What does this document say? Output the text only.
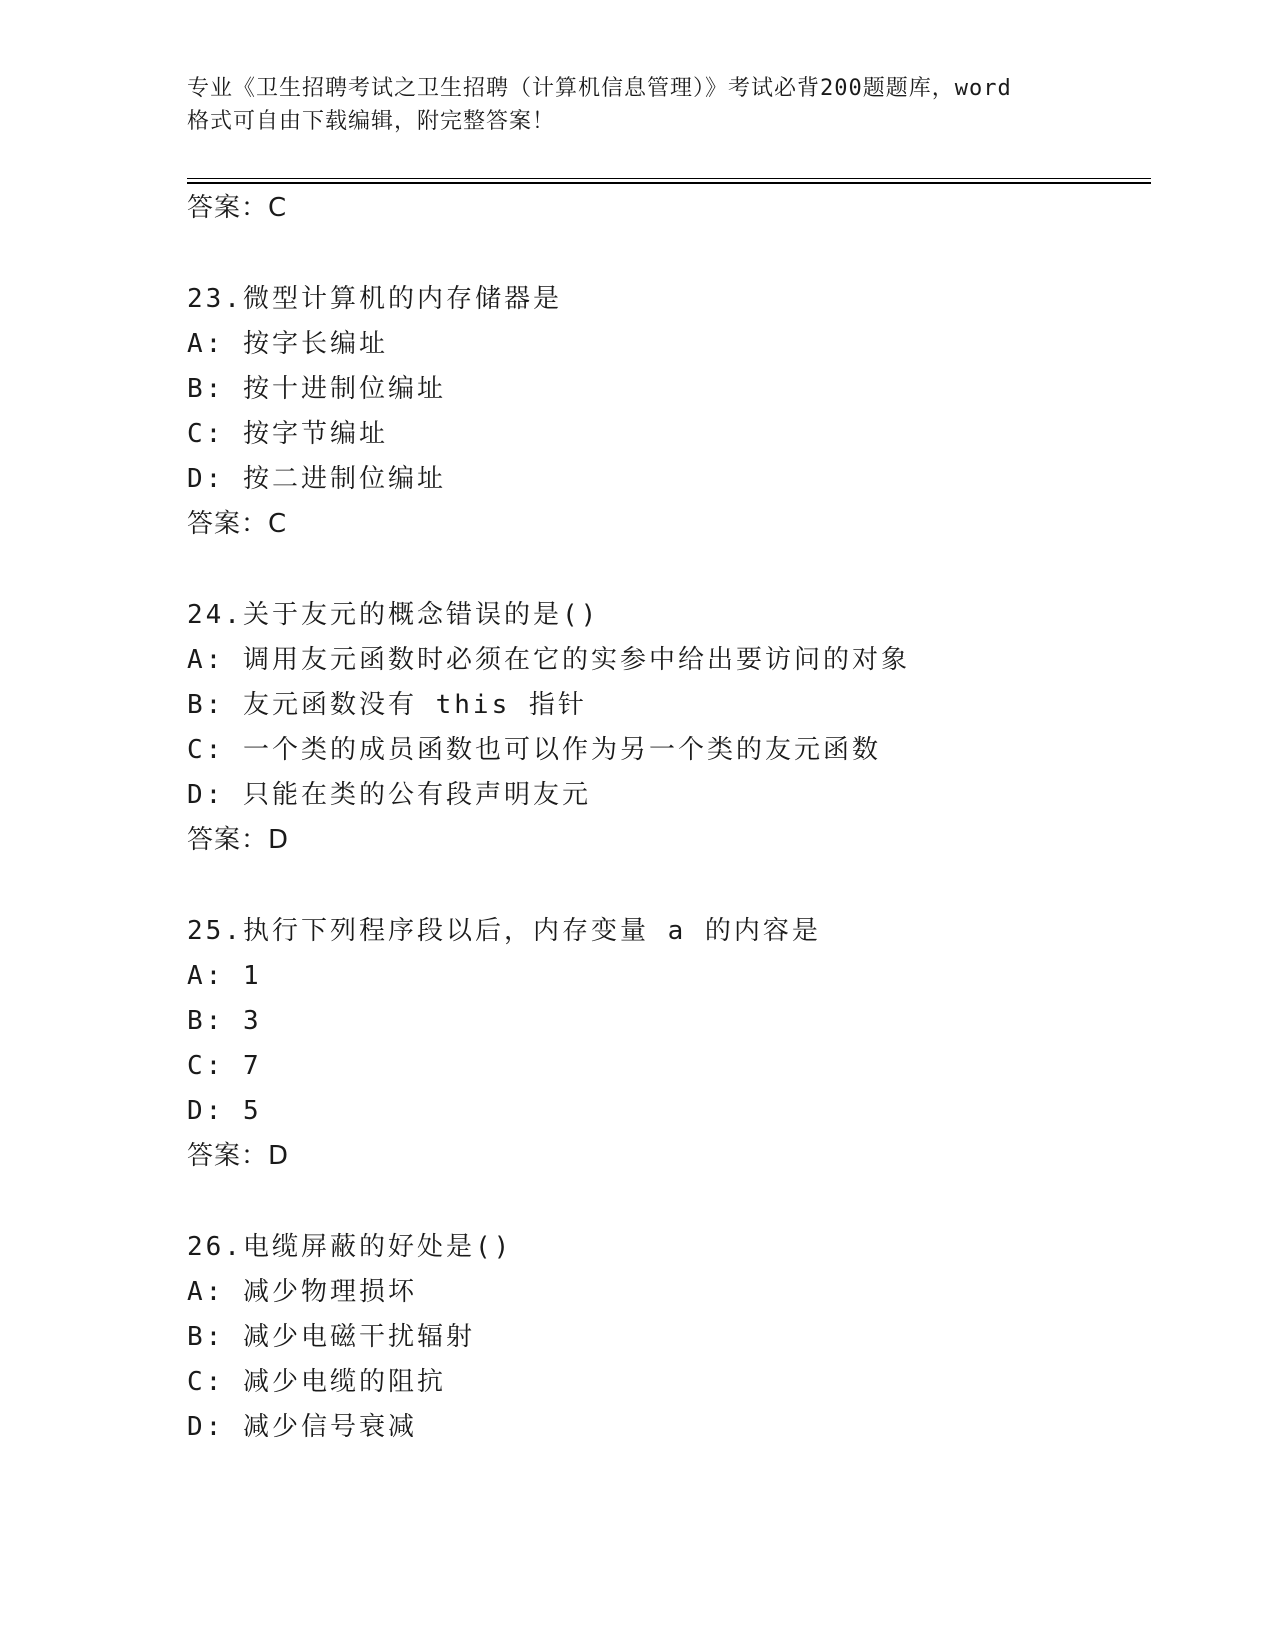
专业《卫生招聘考试之卫生招聘（计算机信息管理）》考试必背200题题库，word
格式可自由下载编辑，附完整答案！
答案：C
23.微型计算机的内存储器是
A: 按字长编址
B: 按十进制位编址
C: 按字节编址
D: 按二进制位编址
答案：C
24.关于友元的概念错误的是()
A: 调用友元函数时必须在它的实参中给出要访问的对象
B: 友元函数没有 this 指针
C: 一个类的成员函数也可以作为另一个类的友元函数
D: 只能在类的公有段声明友元
答案：D
25.执行下列程序段以后，内存变量 a 的内容是
A: 1
B: 3
C: 7
D: 5
答案：D
26.电缆屏蔽的好处是()
A: 减少物理损坏
B: 减少电磁干扰辐射
C: 减少电缆的阻抗
D: 减少信号衰减
